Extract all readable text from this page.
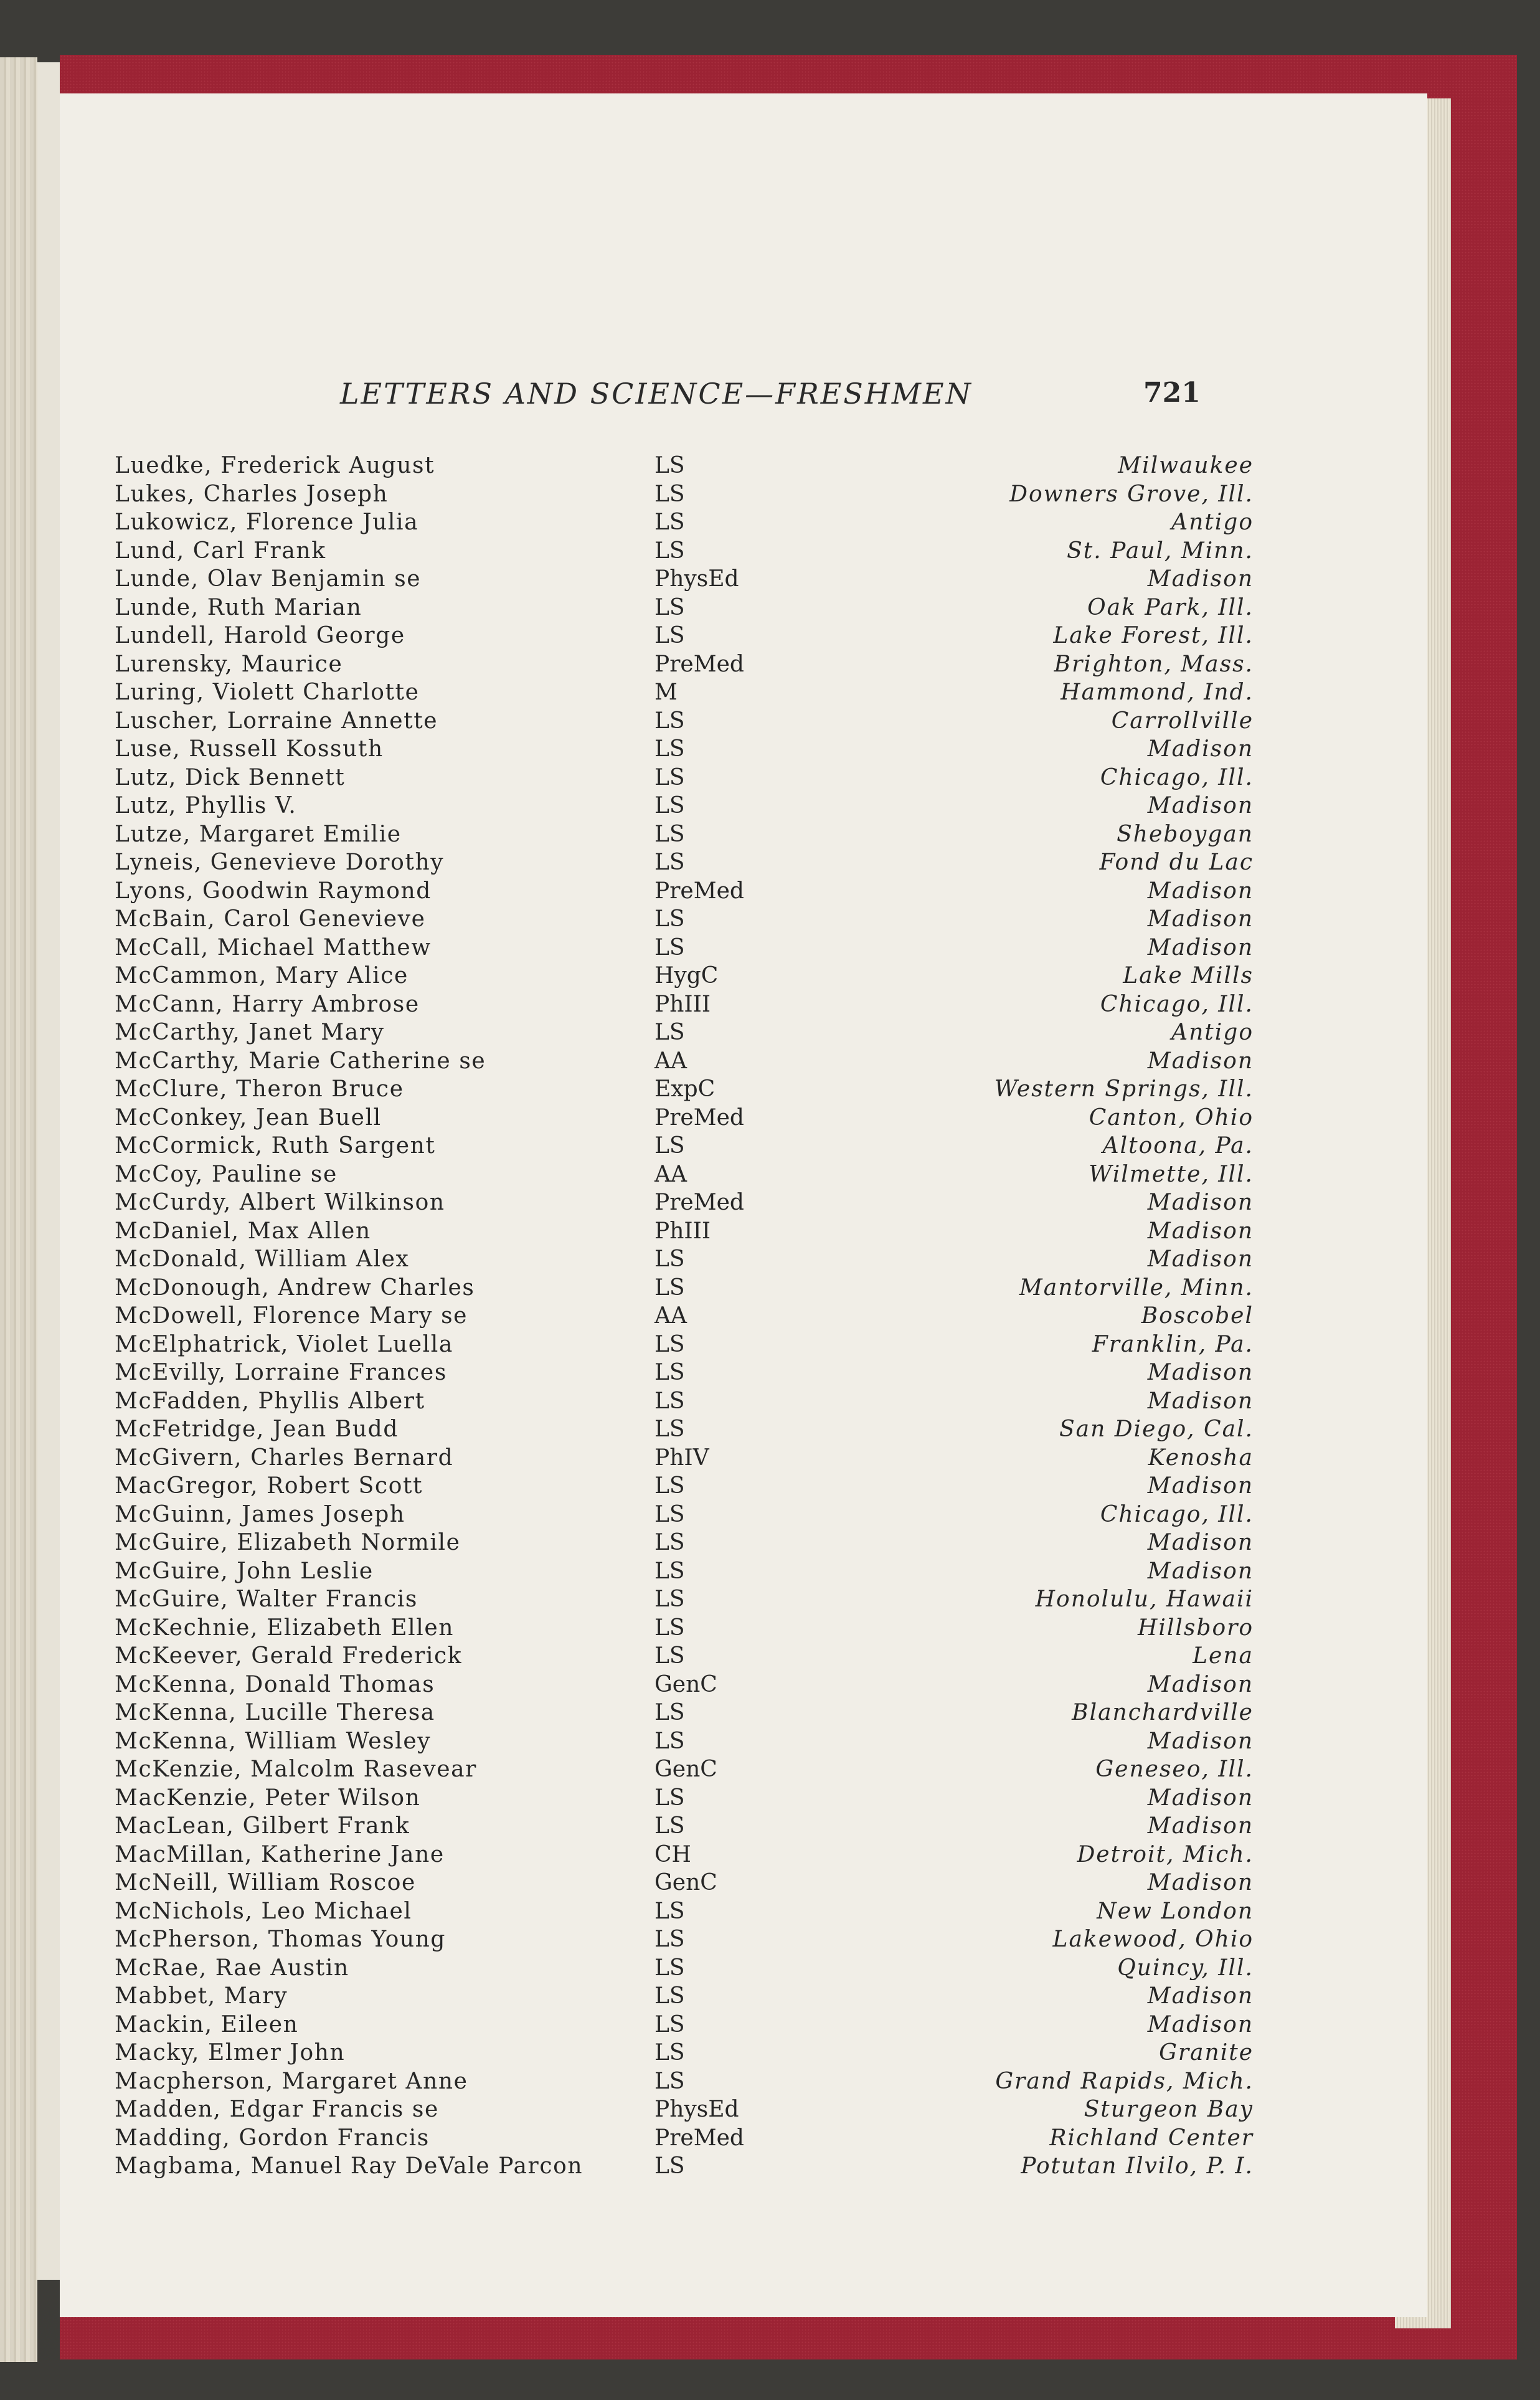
LETTERS AND SCIENCE—FRESHMEN	721
Luedke, Frederick August	LS	Milwaukee
Lukes, Charles Joseph	LS	Downers Grove, Ill.
Lukowicz, Florence Julia	LS	Antigo
Lund, Carl Frank	LS	St. Paul, Minn.
Lunde, Olav Benjamin se	PhysEd	Madison
Lunde, Ruth Marian	LS	Oak Park, Ill.
Lundell, Harold George	LS	Lake Forest, Ill.
Lurensky, Maurice	PreMed	Brighton, Mass.
Luring, Violett Charlotte	M	Hammond, Ind.
Luscher, Lorraine Annette	LS	Carrollville
Luse, Russell Kossuth	LS	Madison
Lutz, Dick Bennett	LS	Chicago, Ill.
Lutz, Phyllis V.	LS	Madison
Lutze, Margaret Emilie	LS	Sheboygan
Lyneis, Genevieve Dorothy	LS	Fond du Lac
Lyons, Goodwin Raymond	PreMed	Madison
McBain, Carol Genevieve	LS	Madison
McCall, Michael Matthew	LS	Madison
McCammon, Mary Alice	HygC	Lake Mills
McCann, Harry Ambrose	PhIII	Chicago, Ill.
McCarthy, Janet Mary	LS	Antigo
McCarthy, Marie Catherine se	AA	Madison
McClure, Theron Bruce	ExpC	Western Springs, Ill.
McConkey, Jean Buell	PreMed	Canton, Ohio
McCormick, Ruth Sargent	LS	Altoona, Pa.
McCoy, Pauline se	AA	Wilmette, Ill.
McCurdy, Albert Wilkinson	PreMed	Madison
McDaniel, Max Allen	PhIII	Madison
McDonald, William Alex	LS	Madison
McDonough, Andrew Charles	LS	Mantorville, Minn.
McDowell, Florence Mary se	AA	Boscobel
McElphatrick, Violet Luella	LS	Franklin, Pa.
McEvilly, Lorraine Frances	LS	Madison
McFadden, Phyllis Albert	LS	Madison
McFetridge, Jean Budd	LS	San Diego, Cal.
McGivern, Charles Bernard	PhIV	Kenosha
MacGregor, Robert Scott	LS	Madison
McGuinn, James Joseph	LS	Chicago, Ill.
McGuire, Elizabeth Normile	LS	Madison
McGuire, John Leslie	LS	Madison
McGuire, Walter Francis	LS	Honolulu, Hawaii
McKechnie, Elizabeth Ellen	LS	Hillsboro
McKeever, Gerald Frederick	LS	Lena
McKenna, Donald Thomas	GenC	Madison
McKenna, Lucille Theresa	LS	Blanchardville
McKenna, William Wesley	LS	Madison
McKenzie, Malcolm Rasevear	GenC	Geneseo, Ill.
MacKenzie, Peter Wilson	LS	Madison
MacLean, Gilbert Frank	LS	Madison
MacMillan, Katherine Jane	CH	Detroit, Mich.
McNeill, William Roscoe	GenC	Madison
McNichols, Leo Michael	LS	New London
McPherson, Thomas Young	LS	Lakewood, Ohio
McRae, Rae Austin	LS	Quincy, Ill.
Mabbet, Mary	LS	Madison
Mackin, Eileen	LS	Madison
Macky, Elmer John	LS	Granite
Macpherson, Margaret Anne	LS	Grand Rapids, Mich.
Madden, Edgar Francis se	PhysEd	Sturgeon Bay
Madding, Gordon Francis	PreMed	Richland Center
Magbama, Manuel Ray DeVale Parcon	LS	Potutan Ilvilo, P. I.
